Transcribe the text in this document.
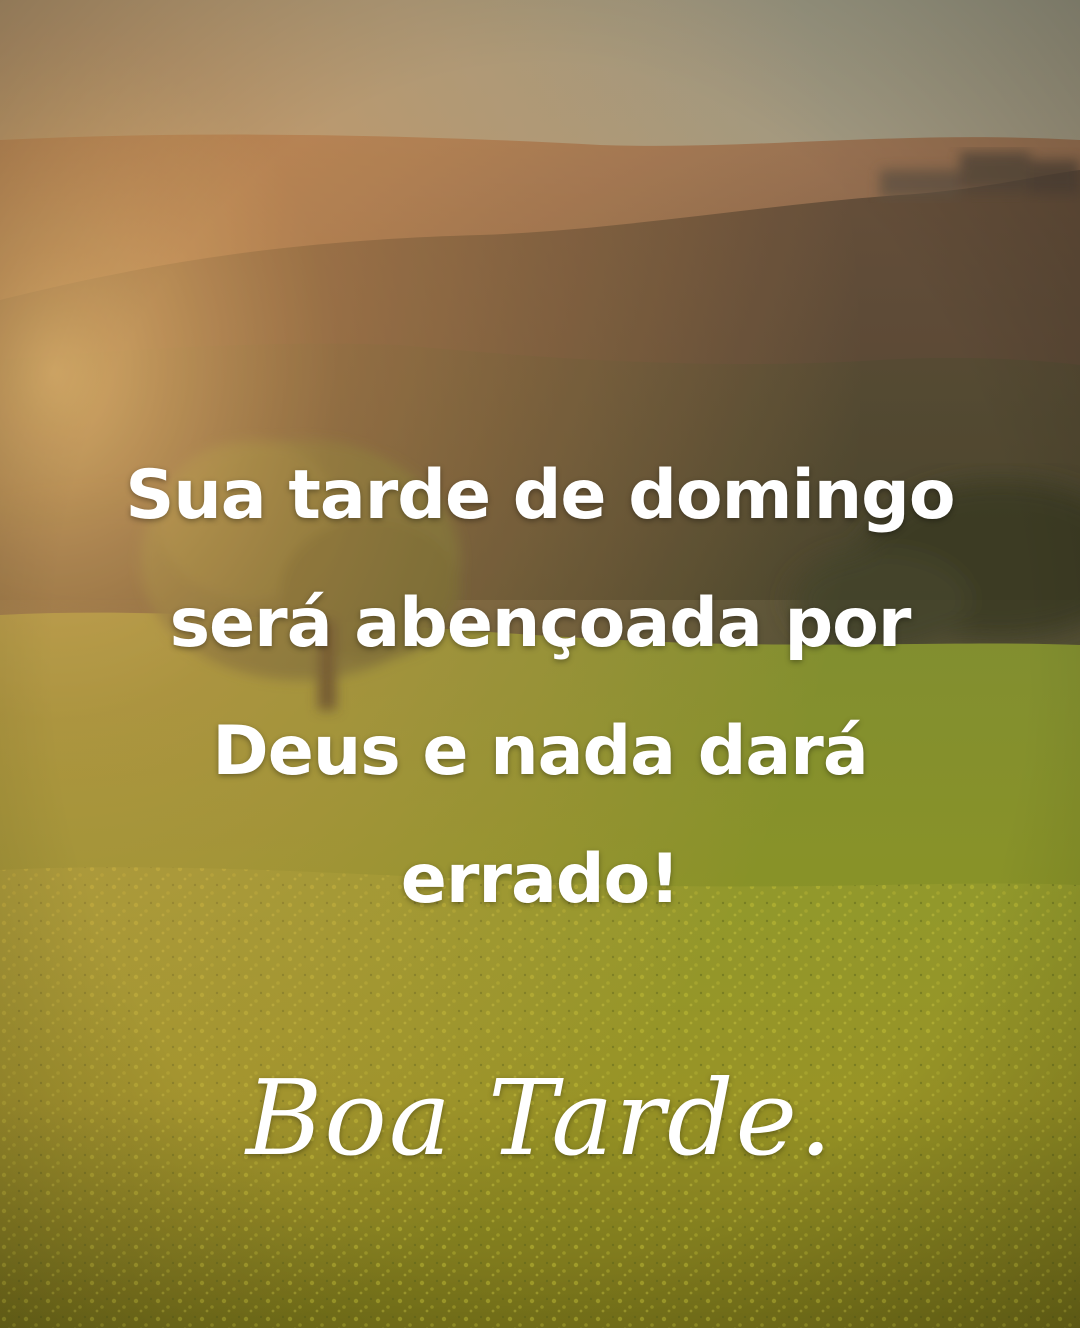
Sua tarde de domingo
será abençoada por
Deus e nada dará
errado!
Boa Tarde.
